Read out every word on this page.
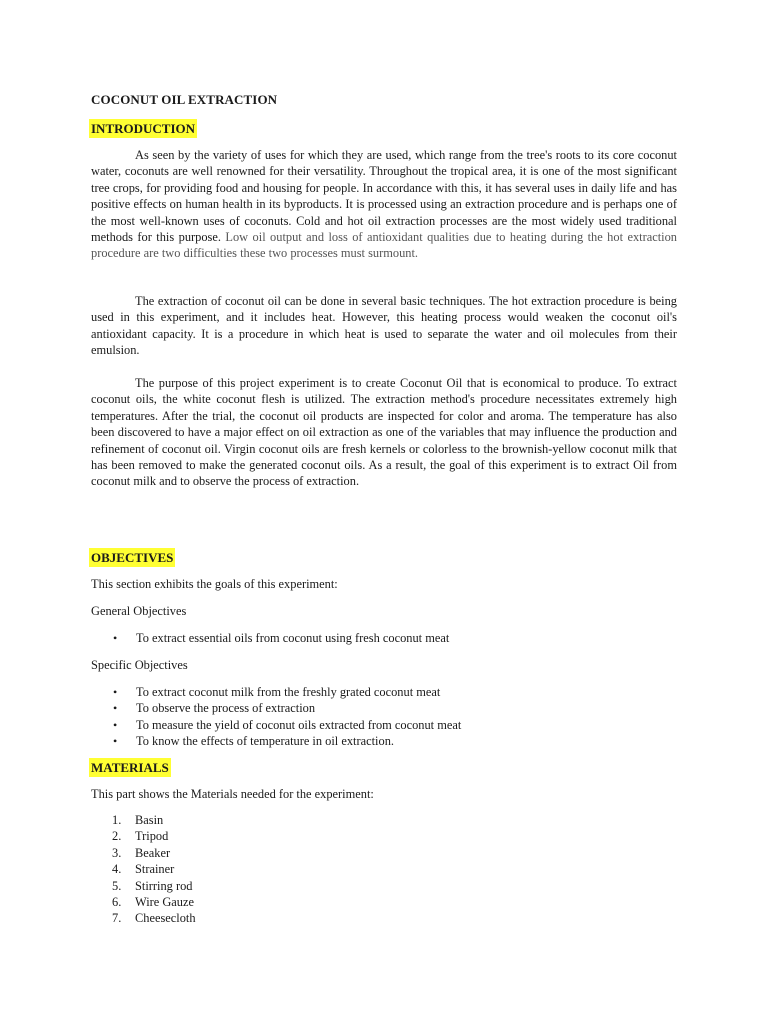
COCONUT OIL EXTRACTION
INTRODUCTION

As seen by the variety of uses for which they are used, which range from the tree's roots to its core coconut water, coconuts are well renowned for their versatility. Throughout the tropical area, it is one of the most significant tree crops, for providing food and housing for people. In accordance with this, it has several uses in daily life and has positive effects on human health in its byproducts. It is processed using an extraction procedure and is perhaps one of the most well-known uses of coconuts. Cold and hot oil extraction processes are the most widely used traditional methods for this purpose. Low oil output and loss of antioxidant qualities due to heating during the hot extraction procedure are two difficulties these two processes must surmount.

The extraction of coconut oil can be done in several basic techniques. The hot extraction procedure is being used in this experiment, and it includes heat. However, this heating process would weaken the coconut oil's antioxidant capacity. It is a procedure in which heat is used to separate the water and oil molecules from their emulsion.

The purpose of this project experiment is to create Coconut Oil that is economical to produce. To extract coconut oils, the white coconut flesh is utilized. The extraction method's procedure necessitates extremely high temperatures. After the trial, the coconut oil products are inspected for color and aroma. The temperature has also been discovered to have a major effect on oil extraction as one of the variables that may influence the production and refinement of coconut oil. Virgin coconut oils are fresh kernels or colorless to the brownish-yellow coconut milk that has been removed to make the generated coconut oils. As a result, the goal of this experiment is to extract Oil from coconut milk and to observe the process of extraction.

OBJECTIVES

This section exhibits the goals of this experiment:

General Objectives

• To extract essential oils from coconut using fresh coconut meat

Specific Objectives

• To extract coconut milk from the freshly grated coconut meat
• To observe the process of extraction
• To measure the yield of coconut oils extracted from coconut meat
• To know the effects of temperature in oil extraction.
MATERIALS

This part shows the Materials needed for the experiment:

1. Basin
2. Tripod
3. Beaker
4. Strainer
5. Stirring rod
6. Wire Gauze
7. Cheesecloth
